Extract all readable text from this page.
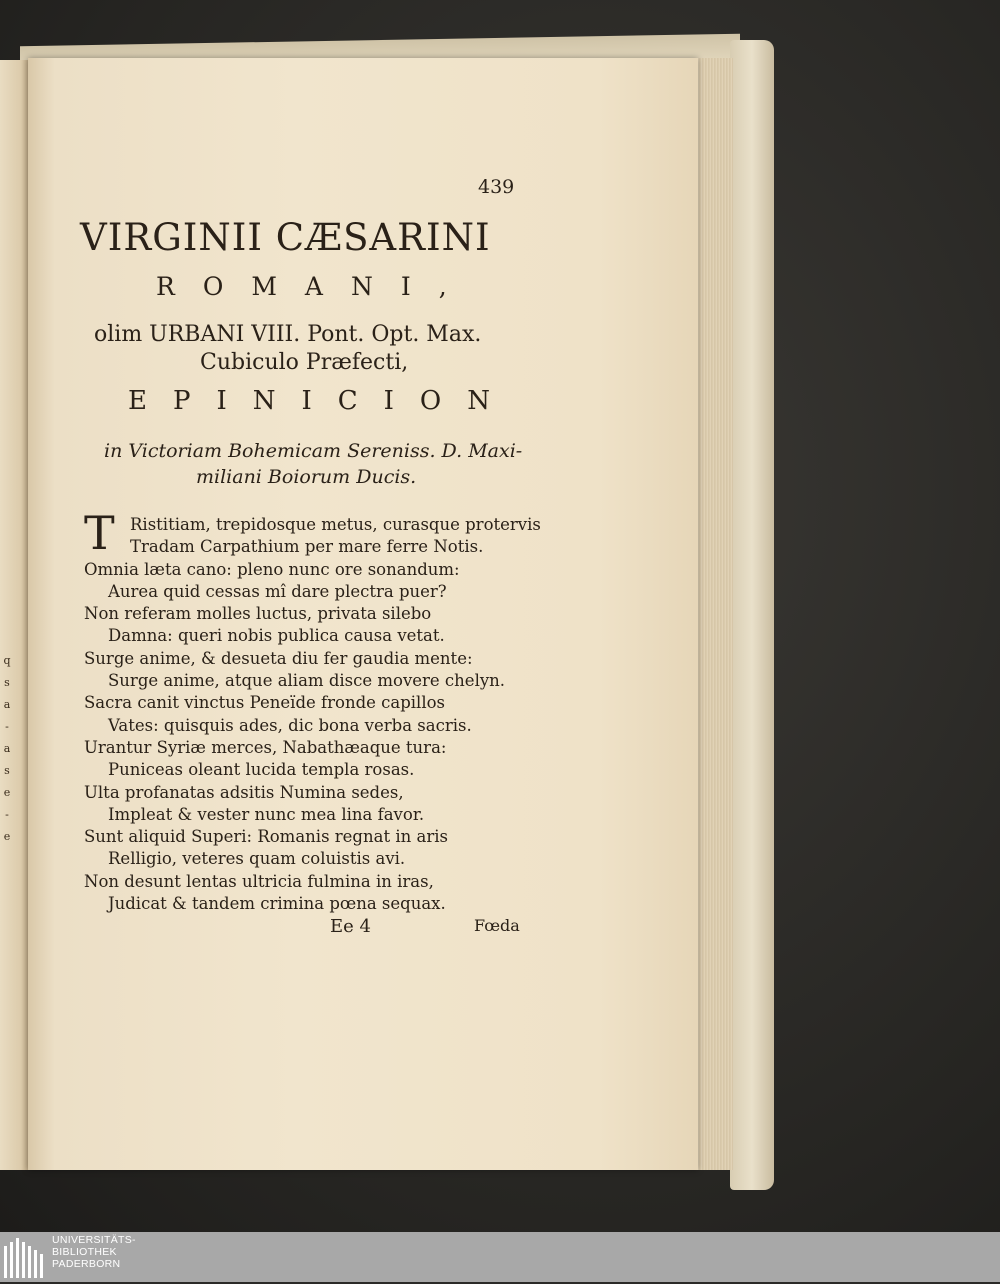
q
s
a
-
a
s
e
-
e
439
VIRGINII CÆSARINI
ROMANI,
olim URBANI VIII. Pont. Opt. Max.
Cubiculo Præfecti,
EPINICION
in Victoriam Bohemicam Sereniss. D. Maxi-
miliani Boiorum Ducis.
T Ristitiam, trepidosque metus, curasque protervis
Tradam Carpathium per mare ferre Notis.
Omnia læta cano: pleno nunc ore sonandum:
Aurea quid cessas mî dare plectra puer?
Non referam molles luctus, privata silebo
Damna: queri nobis publica causa vetat.
Surge anime, & desueta diu fer gaudia mente:
Surge anime, atque aliam disce movere chelyn.
Sacra canit vinctus Peneïde fronde capillos
Vates: quisquis ades, dic bona verba sacris.
Urantur Syriæ merces, Nabathæaque tura:
Puniceas oleant lucida templa rosas.
Ulta profanatas adsitis Numina sedes,
Impleat & vester nunc mea lina favor.
Sunt aliquid Superi: Romanis regnat in aris
Relligio, veteres quam coluistis avi.
Non desunt lentas ultricia fulmina in iras,
Judicat & tandem crimina pœna sequax.
Ee 4	Fœda
UNIVERSITÄTS-
BIBLIOTHEK
PADERBORN
